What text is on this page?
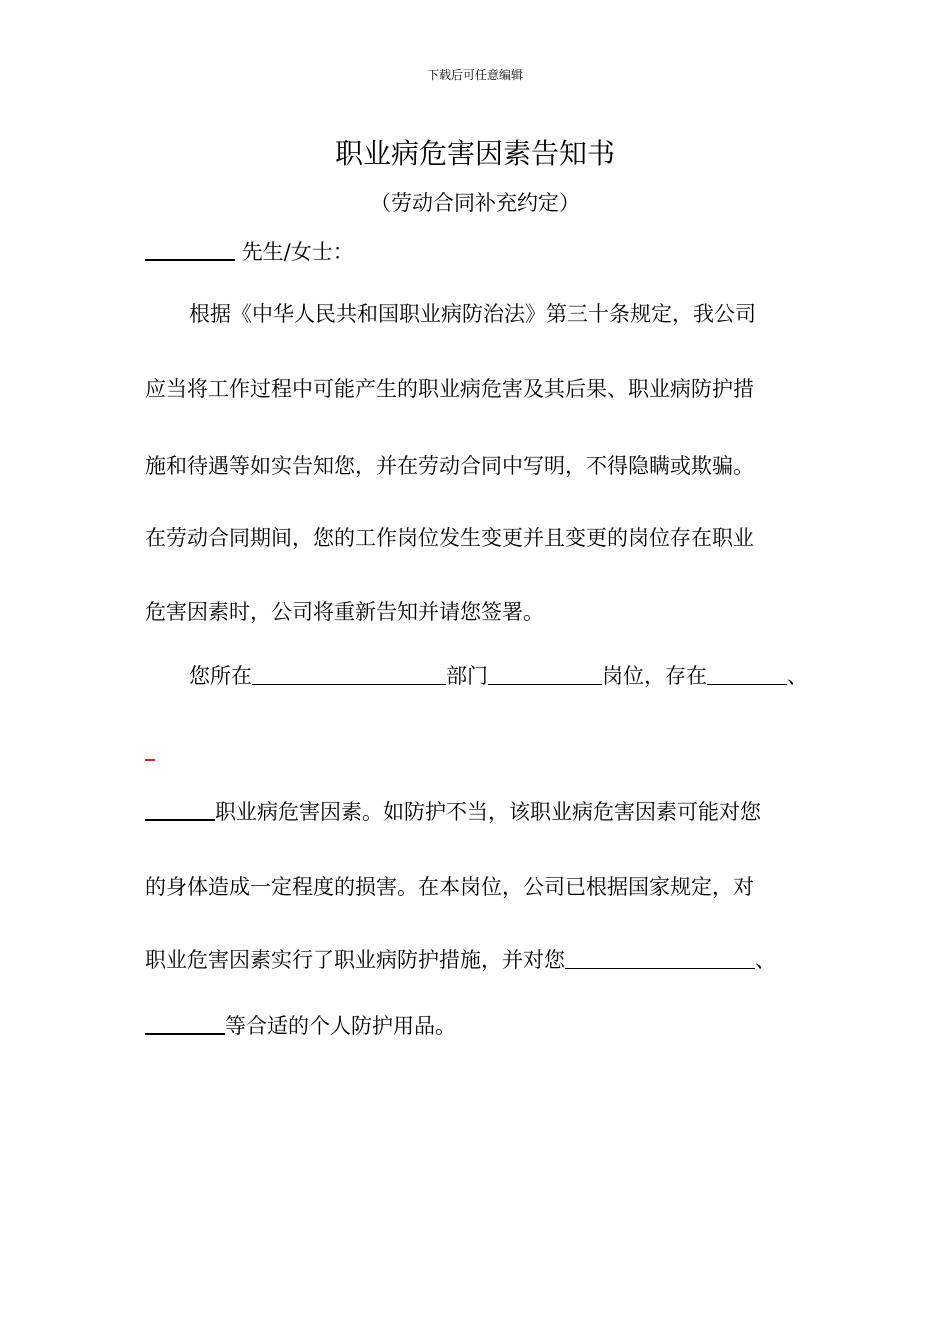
下载后可任意编辑
职业病危害因素告知书
（劳动合同补充约定）
先生/女士：
根据《中华人民共和国职业病防治法》第三十条规定，我公司
应当将工作过程中可能产生的职业病危害及其后果、职业病防护措
施和待遇等如实告知您，并在劳动合同中写明，不得隐瞒或欺骗。
在劳动合同期间，您的工作岗位发生变更并且变更的岗位存在职业
危害因素时，公司将重新告知并请您签署。
您所在	部门	岗位，存在	、
职业病危害因素。如防护不当，该职业病危害因素可能对您
的身体造成一定程度的损害。在本岗位，公司已根据国家规定，对
职业危害因素实行了职业病防护措施，并对您	、
等合适的个人防护用品。
